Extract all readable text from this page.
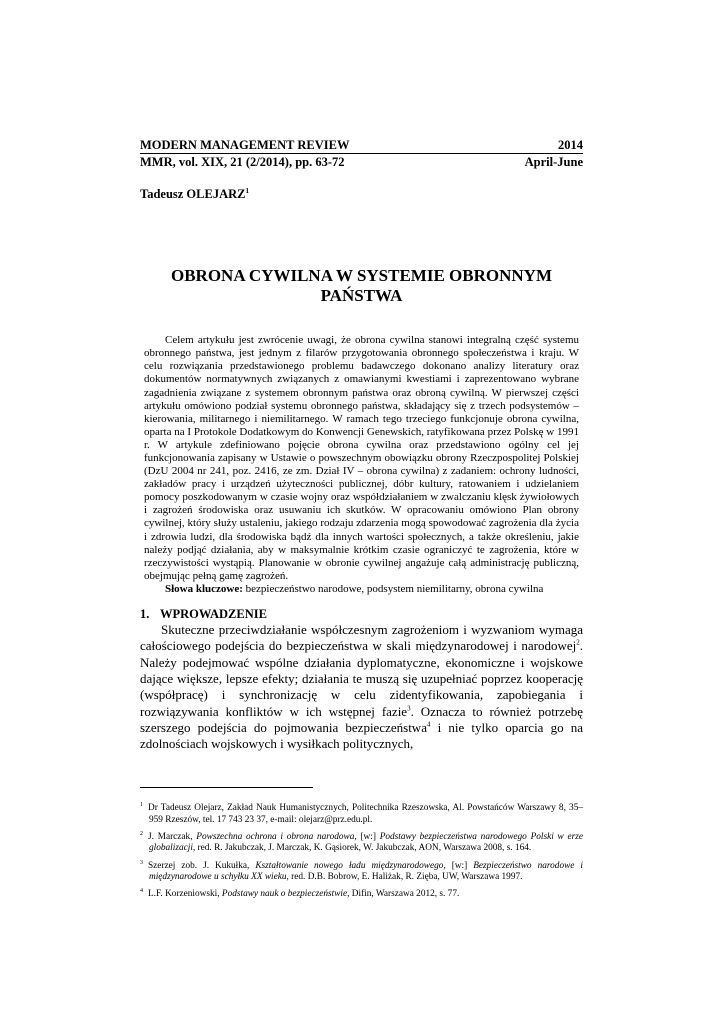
MODERN MANAGEMENT REVIEW	2014
MMR, vol. XIX, 21 (2/2014), pp. 63-72	April-June
Tadeusz OLEJARZ$^1$
OBRONA CYWILNA W SYSTEMIE OBRONNYM
PAŃSTWA

Celem artykułu jest zwrócenie uwagi, że obrona cywilna stanowi integralną część systemu obronnego państwa, jest jednym z filarów przygotowania obronnego społeczeństwa i kraju. W celu rozwiązania przedstawionego problemu badawczego dokonano analizy literatury oraz dokumentów normatywnych związanych z omawianymi kwestiami i zaprezentowano wybrane zagadnienia związane z systemem obronnym państwa oraz obroną cywilną. W pierwszej części artykułu omówiono podział systemu obronnego państwa, składający się z trzech podsystemów – kierowania, militarnego i niemilitarnego. W ramach tego trzeciego funkcjonuje obrona cywilna, oparta na I Protokole Dodatkowym do Konwencji Genewskich, ratyfikowana przez Polskę w 1991 r. W artykule zdefiniowano pojęcie obrona cywilna oraz przedstawiono ogólny cel jej funkcjonowania zapisany w Ustawie o powszechnym obowiązku obrony Rzeczpospolitej Polskiej (DzU 2004 nr 241, poz. 2416, ze zm. Dział IV – obrona cywilna) z zadaniem: ochrony ludności, zakładów pracy i urządzeń użyteczności publicznej, dóbr kultury, ratowaniem i udzielaniem pomocy poszkodowanym w czasie wojny oraz współdziałaniem w zwalczaniu klęsk żywiołowych i zagrożeń środowiska oraz usuwaniu ich skutków. W opracowaniu omówiono Plan obrony cywilnej, który służy ustaleniu, jakiego rodzaju zdarzenia mogą spowodować zagrożenia dla życia i zdrowia ludzi, dla środowiska bądź dla innych wartości społecznych, a także określeniu, jakie należy podjąć działania, aby w maksymalnie krótkim czasie ograniczyć te zagrożenia, które w rzeczywistości wystąpią. Planowanie w obronie cywilnej angażuje całą administrację publiczną, obejmując pełną gamę zagrożeń.

Słowa kluczowe: bezpieczeństwo narodowe, podsystem niemilitarny, obrona cywilna
1. WPROWADZENIE

Skuteczne przeciwdziałanie współczesnym zagrożeniom i wyzwaniom wymaga całościowego podejścia do bezpieczeństwa w skali międzynarodowej i narodowej$^2$. Należy podejmować wspólne działania dyplomatyczne, ekonomiczne i wojskowe dające większe, lepsze efekty; działania te muszą się uzupełniać poprzez kooperację (współpracę) i synchronizację w celu zidentyfikowania, zapobiegania i rozwiązywania konfliktów w ich wstępnej fazie$^3$. Oznacza to również potrzebę szerszego podejścia do pojmowania bezpieczeństwa$^4$ i nie tylko oparcia go na zdolnościach wojskowych i wysiłkach politycznych,

$^1$ Dr Tadeusz Olejarz, Zakład Nauk Humanistycznych, Politechnika Rzeszowska, Al. Powstańców Warszawy 8, 35–959 Rzeszów, tel. 17 743 23 37, e-mail: olejarz@prz.edu.pl.

$^2$ J. Marczak, Powszechna ochrona i obrona narodowa, [w:] Podstawy bezpieczeństwa narodowego Polski w erze globalizacji, red. R. Jakubczak, J. Marczak, K. Gąsiorek, W. Jakubczak, AON, Warszawa 2008, s. 164.

$^3$ Szerzej zob. J. Kukułka, Kształtowanie nowego ładu międzynarodowego, [w:] Bezpieczeństwo narodowe i międzynarodowe u schyłku XX wieku, red. D.B. Bobrow, E. Haliżak, R. Zięba, UW, Warszawa 1997.

$^4$ L.F. Korzeniowski, Podstawy nauk o bezpieczeństwie, Difin, Warszawa 2012, s. 77.
